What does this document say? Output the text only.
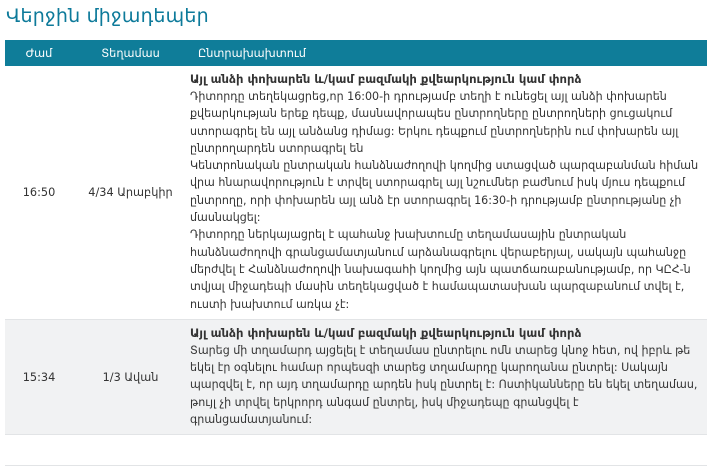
Վերջին միջադեպեր
Ժամ	Տեղամաս	Ընտրախախտում
16:50	4/34 Արաբկիր	Այլ անձի փոխարեն և/կամ բազմակի քվեարկություն կամ փորձ

Դիտորդը տեղեկացրեց,որ 16:00-ի դրությամբ տեղի է ունեցել այլ անձի փոխարեն քվեարկության երեք դեպք, մասնավորապես ընտրողները ընտրողների ցուցակում ստորագրել են այլ անձանց դիմաց: Երկու դեպքում ընտրողներին ում փոխարեն այլ ընտրողարդեն ստորագրել են

Կենտրոնական ընտրական հանձնաժողովի կողմից ստացված պարզաբանման հիման վրա հնարավորություն է տրվել ստորագրել այլ նշումներ բաժնում իսկ մյուս դեպքում ընտրողը, որի փոխարեն այլ անձ էր ստորագրել 16:30-ի դրությամբ ընտրությանը չի մասնակցել:

Դիտորդը ներկայացրել է պահանջ խախտումը տեղամասային ընտրական հանձնաժողովի գրանցամատյանում արձանագրելու վերաբերյալ, սակայն պահանջը մերժվել է Հանձնաժողովի նախագահի կողմից այն պատճառաբանությամբ, որ ԿԸՀ-ն տվյալ միջադեպի մասին տեղեկացված է համապատասխան պարզաբանում տվել է, ուստի խախտում առկա չէ:

15:34	1/3 Ավան	Այլ անձի փոխարեն և/կամ բազմակի քվեարկություն կամ փորձ

Տարեց մի տղամարդ այցելել է տեղամաս ընտրելու ոմն տարեց կնոջ հետ, ով իբրև թե եկել էր օգնելու համար որպեսզի տարեց տղամարդը կարողանա ընտրել: Սակայն պարզվել է, որ այդ տղամարդը արդեն իսկ ընտրել է: Ոստիկանները են եկել տեղամաս, թույլ չի տրվել երկրորդ անգամ ընտրել, իսկ միջադեպը գրանցվել է գրանցամատյանում:
